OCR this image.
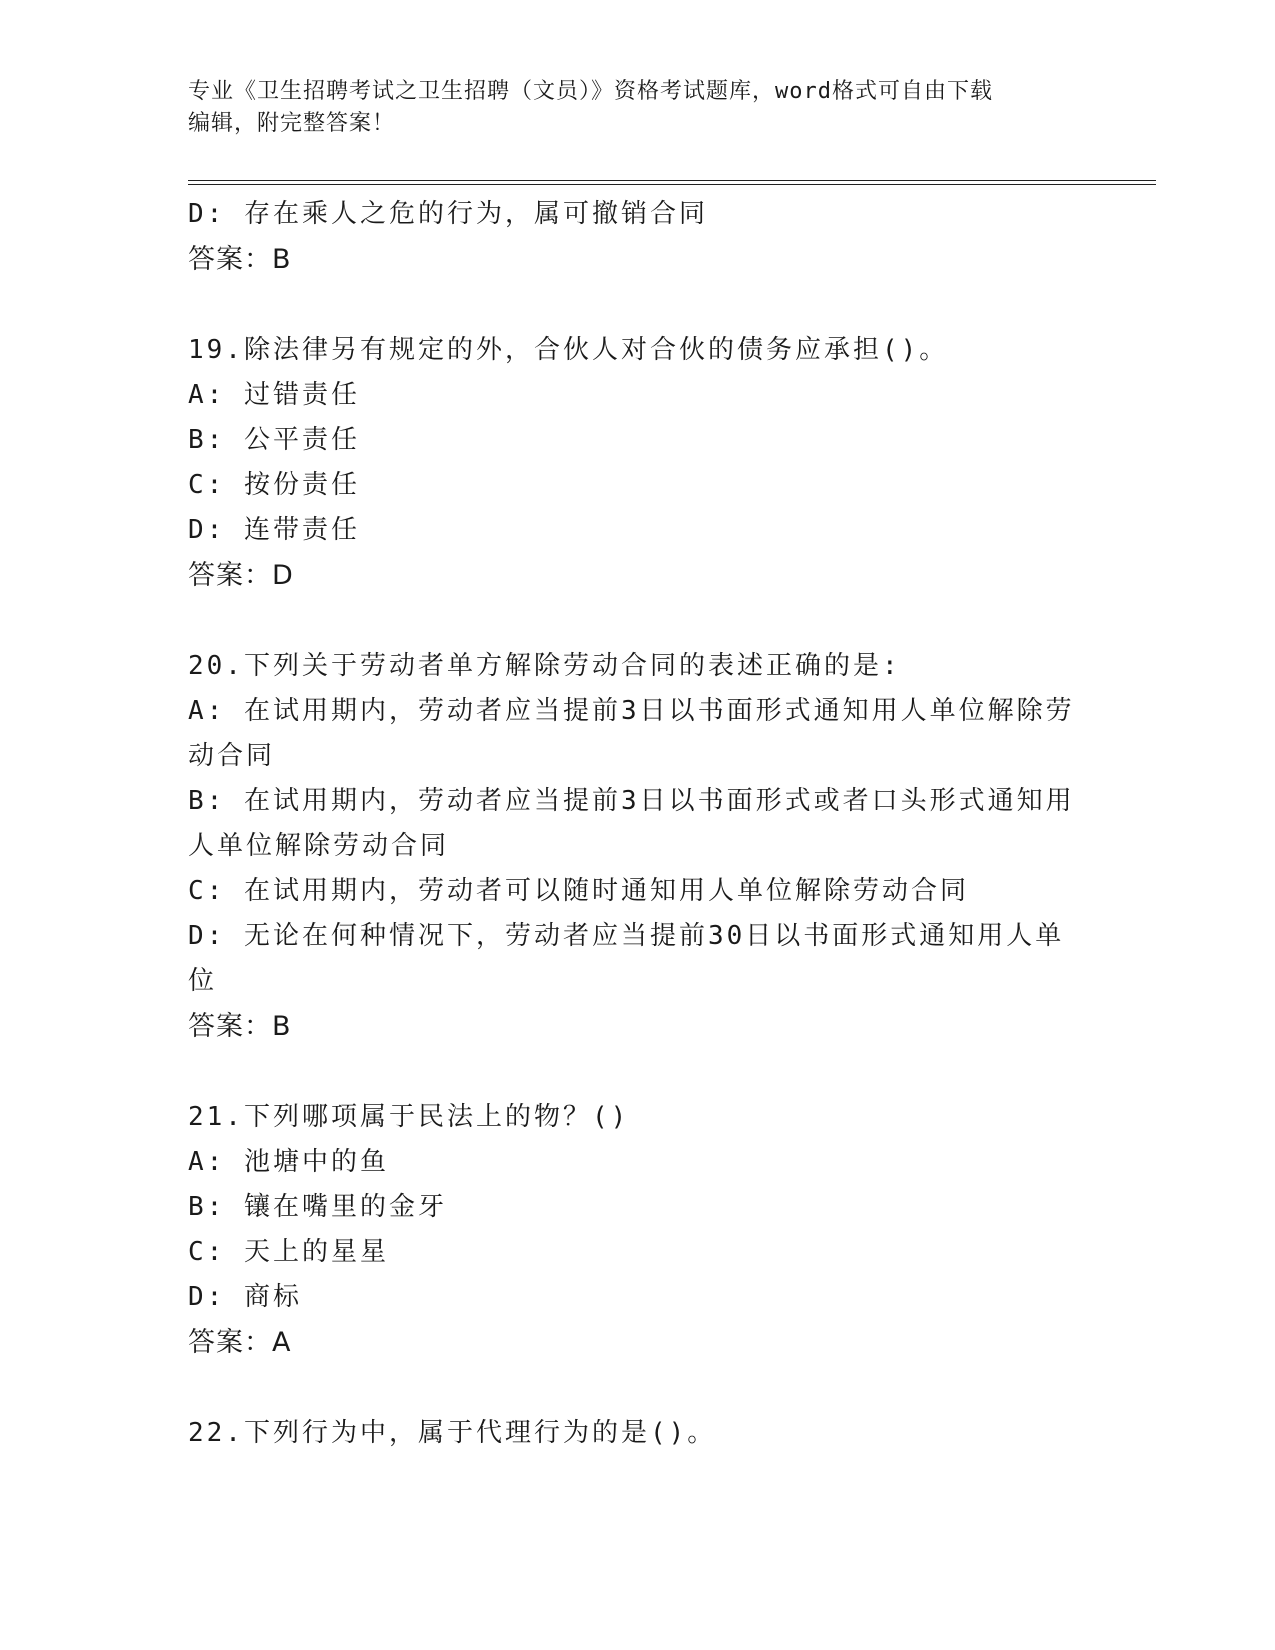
专业《卫生招聘考试之卫生招聘（文员）》资格考试题库，word格式可自由下载
编辑，附完整答案！
D: 存在乘人之危的行为，属可撤销合同
答案：B
19.除法律另有规定的外，合伙人对合伙的债务应承担()。
A: 过错责任
B: 公平责任
C: 按份责任
D: 连带责任
答案：D
20.下列关于劳动者单方解除劳动合同的表述正确的是:
A: 在试用期内，劳动者应当提前3日以书面形式通知用人单位解除劳动合同
B: 在试用期内，劳动者应当提前3日以书面形式或者口头形式通知用人单位解除劳动合同
C: 在试用期内，劳动者可以随时通知用人单位解除劳动合同
D: 无论在何种情况下，劳动者应当提前30日以书面形式通知用人单位
答案：B
21.下列哪项属于民法上的物？()
A: 池塘中的鱼
B: 镶在嘴里的金牙
C: 天上的星星
D: 商标
答案：A
22.下列行为中，属于代理行为的是()。
